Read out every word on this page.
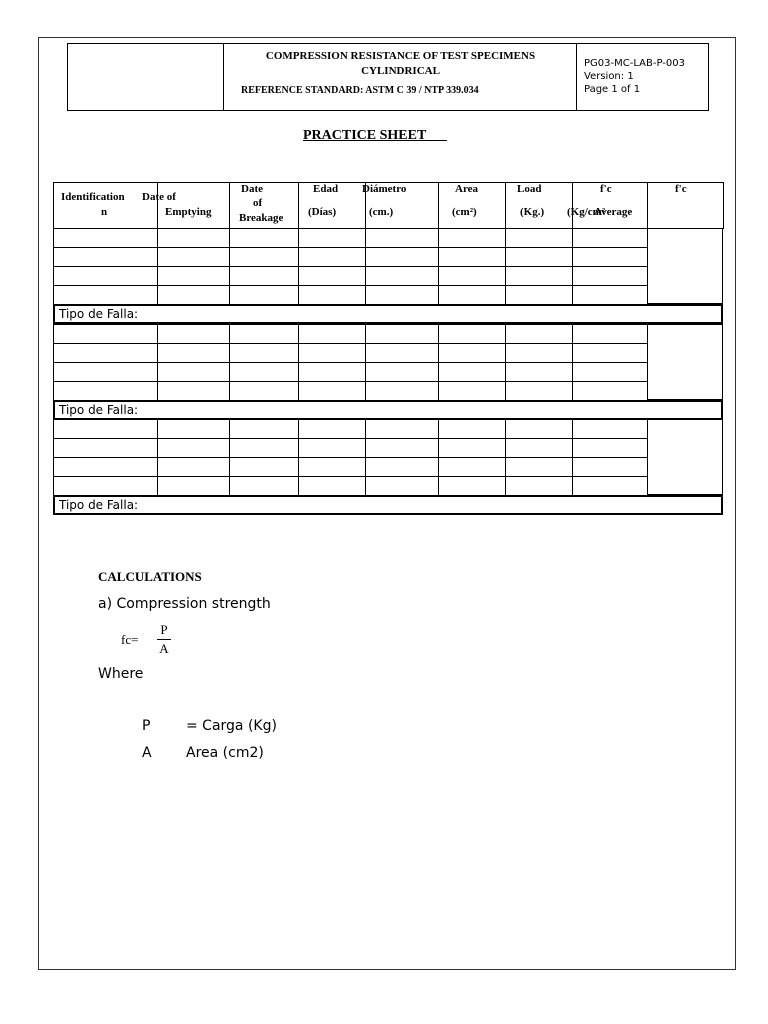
COMPRESSION RESISTANCE OF TEST SPECIMENS
CYLINDRICAL
REFERENCE STANDARD: ASTM C 39 / NTP 339.034
PG03-MC-LAB-P-003
Version: 1
Page 1 of 1
PRACTICE SHEET
Identification
n
Date of
Emptying
Date
of
Breakage
Edad
(Días)
Diámetro
(cm.)
Area
(cm²)
Load
(Kg.)
f'c
(Kg/cm²
f'c
Average
Tipo de Falla:
Tipo de Falla:
Tipo de Falla:
CALCULATIONS
a) Compression strength
fc=
P
A
Where
P	= Carga (Kg)
A Area (cm2)
